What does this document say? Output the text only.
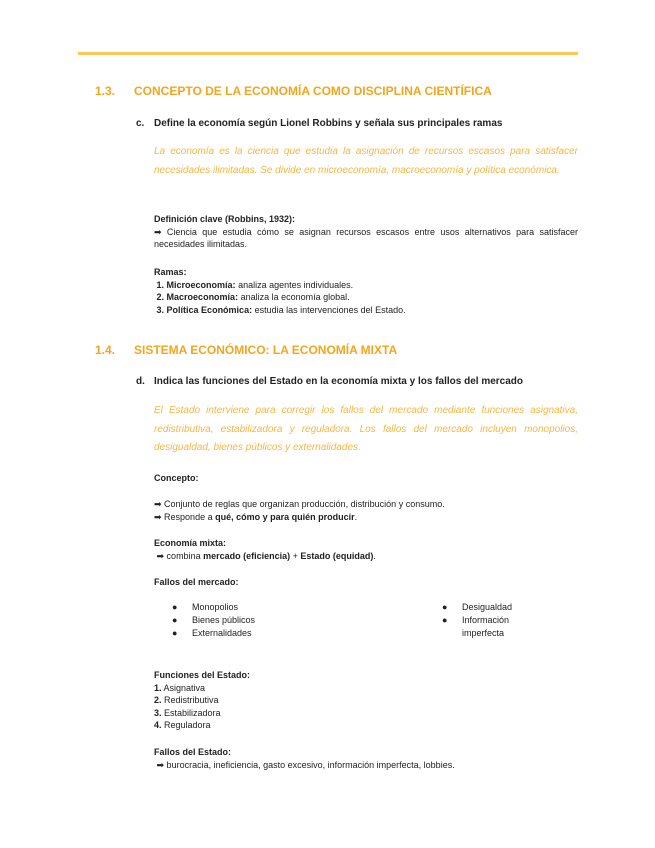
1.3. CONCEPTO DE LA ECONOMÍA COMO DISCIPLINA CIENTÍFICA
c. Define la economía según Lionel Robbins y señala sus principales ramas
La economía es la ciencia que estudia la asignación de recursos escasos para satisfacer necesidades ilimitadas. Se divide en microeconomía, macroeconomía y política económica.
Definición clave (Robbins, 1932):
➡ Ciencia que estudia cómo se asignan recursos escasos entre usos alternativos para satisfacer necesidades ilimitadas.
Ramas:
1. Microeconomía: analiza agentes individuales.
2. Macroeconomía: analiza la economía global.
3. Política Económica: estudia las intervenciones del Estado.
1.4. SISTEMA ECONÓMICO: LA ECONOMÍA MIXTA
d. Indica las funciones del Estado en la economía mixta y los fallos del mercado
El Estado interviene para corregir los fallos del mercado mediante funciones asignativa, redistributiva, estabilizadora y reguladora. Los fallos del mercado incluyen monopolios, desigualdad, bienes públicos y externalidades.
Concepto:
➡ Conjunto de reglas que organizan producción, distribución y consumo.
➡ Responde a qué, cómo y para quién producir.
Economía mixta:
➡ combina mercado (eficiencia) + Estado (equidad).
Fallos del mercado:
● Monopolios
● Bienes públicos
● Externalidades
● Desigualdad
● Información
imperfecta
Funciones del Estado:
1. Asignativa
2. Redistributiva
3. Estabilizadora
4. Reguladora
Fallos del Estado:
➡ burocracia, ineficiencia, gasto excesivo, información imperfecta, lobbies.
